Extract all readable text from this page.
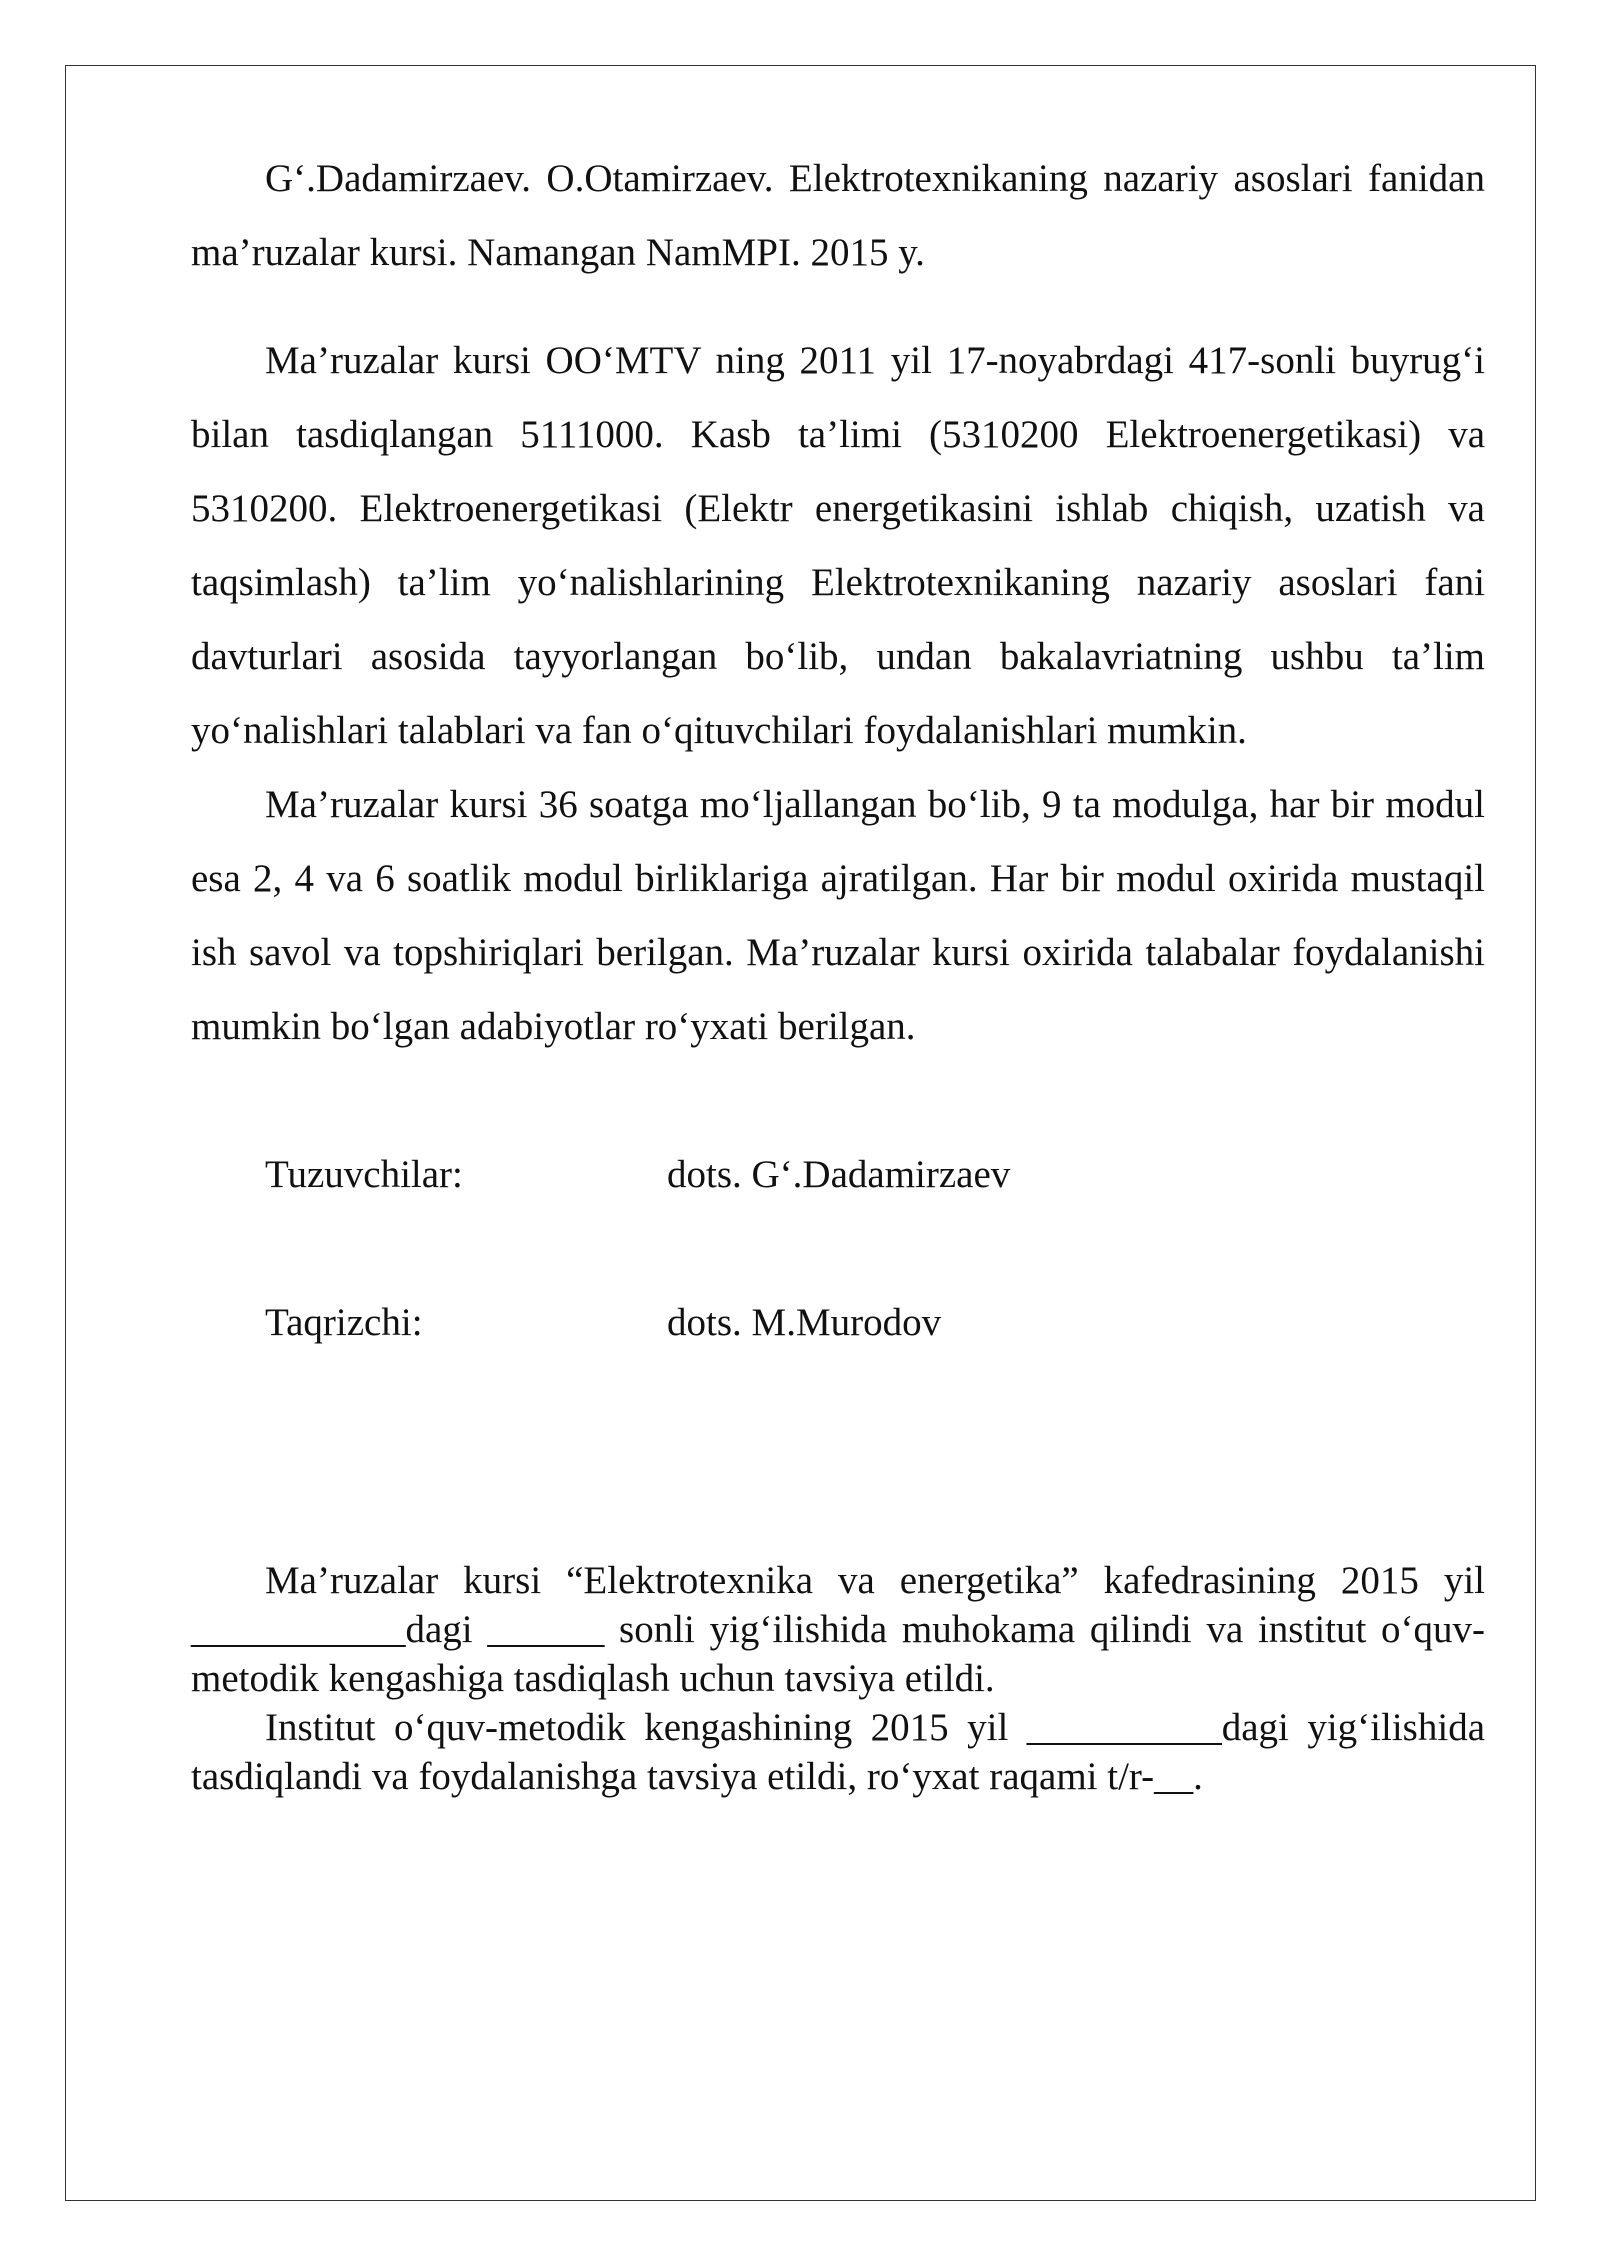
G‘.Dadamirzaev. O.Otamirzaev. Elektrotexnikaning nazariy asoslari fanidan ma’ruzalar kursi. Namangan NamMPI. 2015 y.

Ma’ruzalar kursi OO‘MTV ning 2011 yil 17-noyabrdagi 417-sonli buyrug‘i bilan tasdiqlangan 5111000. Kasb ta’limi (5310200 Elektroenergetikasi) va 5310200. Elektroenergetikasi (Elektr energetikasini ishlab chiqish, uzatish va taqsimlash) ta’lim yo‘nalishlarining Elektrotexnikaning nazariy asoslari fani davturlari asosida tayyorlangan bo‘lib, undan bakalavriatning ushbu ta’lim yo‘nalishlari talablari va fan o‘qituvchilari foydalanishlari mumkin.

Ma’ruzalar kursi 36 soatga mo‘ljallangan bo‘lib, 9 ta modulga, har bir modul esa 2, 4 va 6 soatlik modul birliklariga ajratilgan. Har bir modul oxirida mustaqil ish savol va topshiriqlari berilgan. Ma’ruzalar kursi oxirida talabalar foydalanishi mumkin bo‘lgan adabiyotlar ro‘yxati berilgan.

Tuzuvchilar:	dots. G‘.Dadamirzaev
Taqrizchi:	dots. M.Murodov

Ma’ruzalar kursi “Elektrotexnika va energetika” kafedrasining 2015 yil ___________dagi ______ sonli yig‘ilishida muhokama qilindi va institut o‘quv-metodik kengashiga tasdiqlash uchun tavsiya etildi.

Institut o‘quv-metodik kengashining 2015 yil __________dagi yig‘ilishida tasdiqlandi va foydalanishga tavsiya etildi, ro‘yxat raqami t/r-__.
